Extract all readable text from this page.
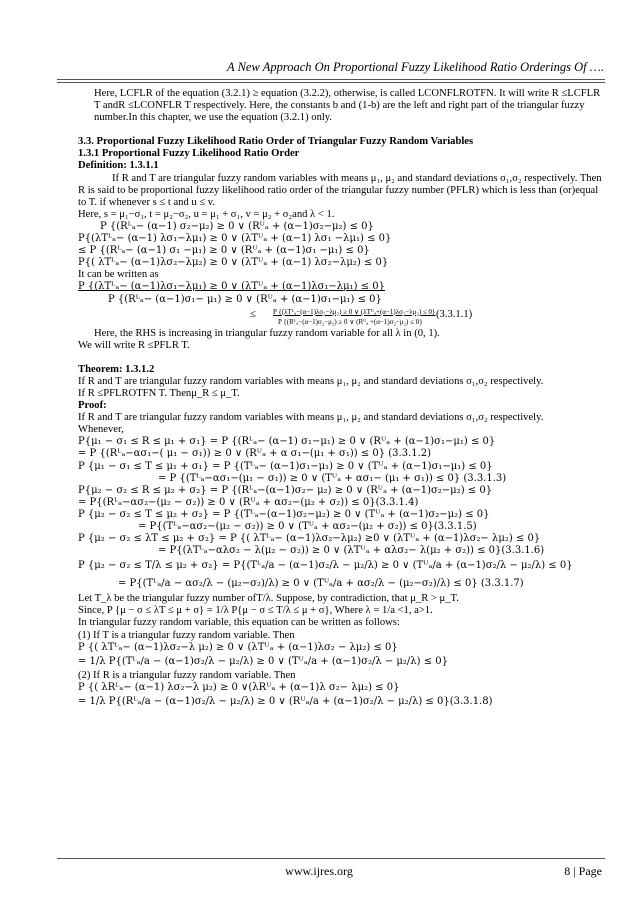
A New Approach On Proportional Fuzzy Likelihood Ratio Orderings Of ….

Here, LCFLR of the equation (3.2.1) ≥ equation (3.2.2), otherwise, is called LCONFLROTFN. It will write R ≤LCFLR T andR ≤LCONFLR T respectively. Here, the constants b and (1-b) are the left and right part of the triangular fuzzy number.In this chapter, we use the equation (3.2.1) only.

3.3. Proportional Fuzzy Likelihood Ratio Order of Triangular Fuzzy Random Variables

1.3.1 Proportional Fuzzy Likelihood Ratio Order

Definition: 1.3.1.1

If R and T are triangular fuzzy random variables with means μ₁, μ₂ and standard deviations σ₁,σ₂ respectively. Then R is said to be proportional fuzzy likelihood ratio order of the triangular fuzzy number (PFLR) which is less than (or)equal to T. if whenever s ≤ t and u ≤ v.

Here, s = μ₁−σ₁, t = μ₂−σ₂, u = μ₁ + σ₁, v = μ₂ + σ₂and λ < 1.

P {(Rᴸₐ− (α−1) σ₂−μ₂) ≥ 0 ∨ (Rᵁₐ + (α−1)σ₂−μ₂) ≤ 0}

P{(λTᴸₐ− (α−1) λσ₁−λμ₁) ≥ 0 ∨ (λTᵁₐ + (α−1) λσ₁ −λμ₁) ≤ 0}

≤ P {(Rᴸₐ− (α−1) σ₁ −μ₁) ≥ 0 ∨ (Rᵁₐ + (α−1)σ₁ −μ₁) ≤ 0}

P{( λTᴸₐ− (α−1)λσ₂−λμ₂) ≥ 0 ∨ (λTᵁₐ + (α−1) λσ₂−λμ₂) ≤ 0}

It can be written as

P {(λTᴸₐ− (α−1)λσ₁−λμ₁) ≥ 0 ∨ (λTᵁₐ + (α−1)λσ₁−λμ₁) ≤ 0}

P {(Rᴸₐ− (α−1)σ₁− μ₁) ≥ 0 ∨ (Rᵁₐ + (α−1)σ₁−μ₁) ≤ 0}

≤ P {(λTᴸₐ−(α−1)λσ₂−λμ₂) ≥ 0 ∨ (λTᵁₐ+(α−1)λσ₂−λμ₂) ≤ 0}
P {(Rᴸₐ−(α−1)σ₂−μ₂) ≥ 0 ∨ (Rᵁₐ +(α−1)σ₂−μ₂) ≤ 0}
(3.3.1.1)

Here, the RHS is increasing in triangular fuzzy random variable for all λ in (0, 1).

We will write R ≤PFLR T.

Theorem: 1.3.1.2

If R and T are triangular fuzzy random variables with means μ₁, μ₂ and standard deviations σ₁,σ₂ respectively.

If R ≤PFLROTFN T. Thenμ_R ≤ μ_T.

Proof:

If R and T are triangular fuzzy random variables with means μ₁, μ₂ and standard deviations σ₁,σ₂ respectively.

Whenever,

P{μ₁ − σ₁ ≤ R ≤ μ₁ + σ₁} = P {(Rᴸₐ− (α−1) σ₁−μ₁) ≥ 0 ∨ (Rᵁₐ + (α−1)σ₁−μ₁) ≤ 0}

= P {(Rᴸₐ−ασ₁−( μ₁ − σ₁)) ≥ 0 ∨ (Rᵁₐ + α σ₁−(μ₁ + σ₁)) ≤ 0} (3.3.1.2)

P {μ₁ − σ₁ ≤ T ≤ μ₁ + σ₁} = P {(Tᴸₐ− (α−1)σ₁−μ₁) ≥ 0 ∨ (Tᵁₐ + (α−1)σ₁−μ₁) ≤ 0}

= P {(Tᴸₐ−ασ₁−(μ₁ − σ₁)) ≥ 0 ∨ (Tᵁₐ + ασ₁− (μ₁ + σ₁)) ≤ 0} (3.3.1.3)

P{μ₂ − σ₂ ≤ R ≤ μ₂ + σ₂} = P {(Rᴸₐ−(α−1)σ₂− μ₂) ≥ 0 ∨ (Rᵁₐ + (α−1)σ₂−μ₂) ≤ 0}

= P{(Rᴸₐ−ασ₂−(μ₂ − σ₂)) ≥ 0 ∨ (Rᵁₐ + ασ₂−(μ₂ + σ₂)) ≤ 0}(3.3.1.4)

P {μ₂ − σ₂ ≤ T ≤ μ₂ + σ₂} = P {(Tᴸₐ−(α−1)σ₂−μ₂) ≥ 0 ∨ (Tᵁₐ + (α−1)σ₂−μ₂) ≤ 0}

= P{(Tᴸₐ−ασ₂−(μ₂ − σ₂)) ≥ 0 ∨ (Tᵁₐ + ασ₂−(μ₂ + σ₂)) ≤ 0}(3.3.1.5)

P {μ₂ − σ₂ ≤ λT ≤ μ₂ + σ₂} = P {( λTᴸₐ− (α−1)λσ₂−λμ₂) ≥0 ∨ (λTᵁₐ + (α−1)λσ₂− λμ₂) ≤ 0}

= P{(λTᴸₐ−αλσ₂ − λ(μ₂ − σ₂)) ≥ 0 ∨ (λTᵁₐ + αλσ₂− λ(μ₂ + σ₂)) ≤ 0}(3.3.1.6)

P {μ₂ − σ₂ ≤ T/λ ≤ μ₂ + σ₂} = P{(Tᴸₐ/a − (α−1)σ₂/λ − μ₂/λ) ≥ 0 ∨ (Tᵁₐ/a + (α−1)σ₂/λ − μ₂/λ) ≤ 0}

= P{(Tᴸₐ/a − ασ₂/λ − (μ₂−σ₂)/λ) ≥ 0 ∨ (Tᵁₐ/a + ασ₂/λ − (μ₂−σ₂)/λ) ≤ 0} (3.3.1.7)

Let T_λ be the triangular fuzzy number ofT/λ. Suppose, by contradiction, that μ_R > μ_T.

Since, P {μ − σ ≤ λT ≤ μ + σ} = 1/λ P{μ − σ ≤ T/λ ≤ μ + σ}, Where λ = 1/a <1, a>1.

In triangular fuzzy random variable, this equation can be written as follows:

(1) If T is a triangular fuzzy random variable. Then

P {( λTᴸₐ− (α−1)λσ₂−λ μ₂) ≥ 0 ∨ (λTᵁₐ + (α−1)λσ₂ − λμ₂) ≤ 0}

= 1/λ P{(Tᴸₐ/a − (α−1)σ₂/λ − μ₂/λ) ≥ 0 ∨ (Tᵁₐ/a + (α−1)σ₂/λ − μ₂/λ) ≤ 0}

(2) If R is a triangular fuzzy random variable. Then

P {( λRᴸₐ− (α−1) λσ₂−λ μ₂) ≥ 0 ∨(λRᵁₐ + (α−1)λ σ₂− λμ₂) ≤ 0}

= 1/λ P{(Rᴸₐ/a − (α−1)σ₂/λ − μ₂/λ) ≥ 0 ∨ (Rᵁₐ/a + (α−1)σ₂/λ − μ₂/λ) ≤ 0}(3.3.1.8)

www.ijres.org	8 | Page
